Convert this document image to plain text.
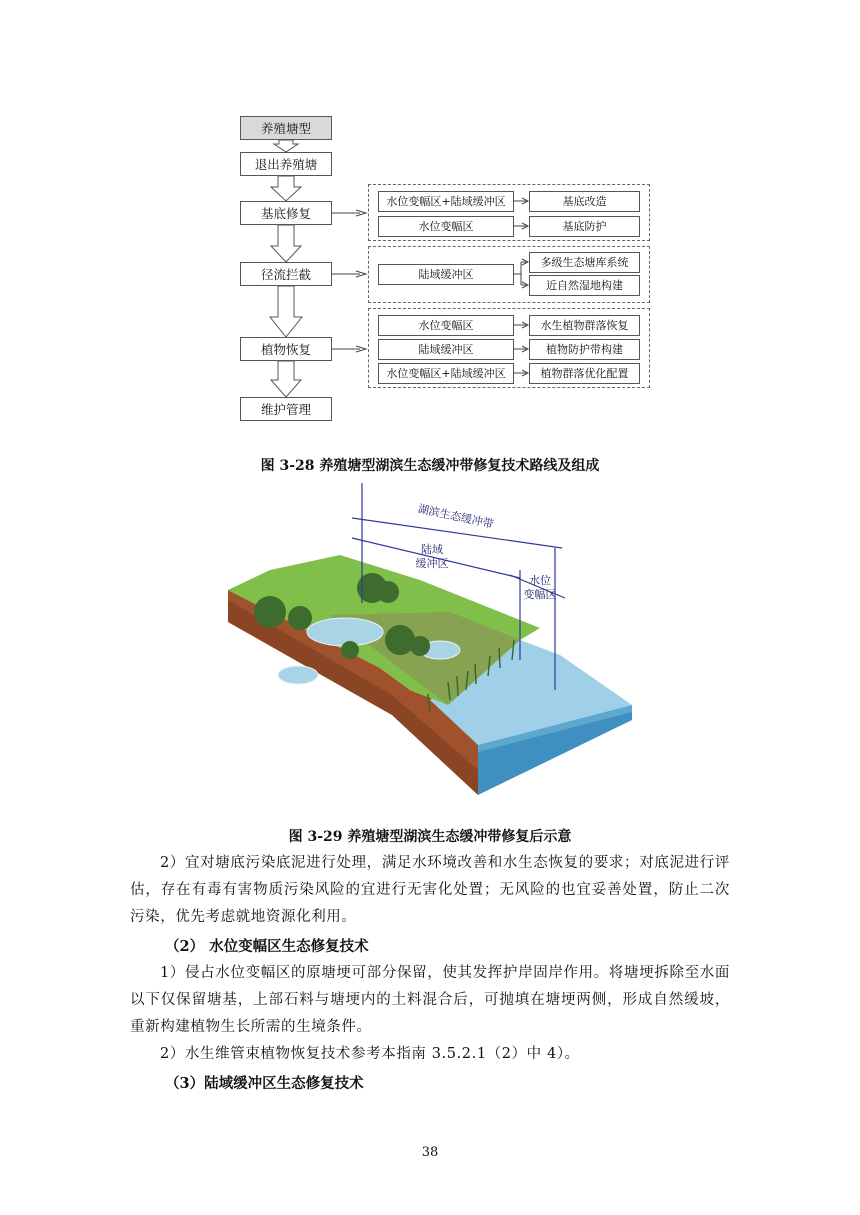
养殖塘型
退出养殖塘
基底修复
径流拦截
植物恢复
维护管理
水位变幅区+陆域缓冲区	基底改造
水位变幅区	基底防护
陆域缓冲区
多级生态塘库系统
近自然湿地构建
水位变幅区	水生植物群落恢复
陆域缓冲区	植物防护带构建
水位变幅区+陆域缓冲区	植物群落优化配置
图 3-28 养殖塘型湖滨生态缓冲带修复技术路线及组成
湖滨生态缓冲带
陆域
缓冲区
水位
变幅区
图 3-29 养殖塘型湖滨生态缓冲带修复后示意
2）宜对塘底污染底泥进行处理，满足水环境改善和水生态恢复的要求；对底泥进行评估，存在有毒有害物质污染风险的宜进行无害化处置；无风险的也宜妥善处置，防止二次污染，优先考虑就地资源化利用。
（2） 水位变幅区生态修复技术
1）侵占水位变幅区的原塘埂可部分保留，使其发挥护岸固岸作用。将塘埂拆除至水面以下仅保留塘基，上部石料与塘埂内的土料混合后，可抛填在塘埂两侧，形成自然缓坡，重新构建植物生长所需的生境条件。
2）水生维管束植物恢复技术参考本指南 3.5.2.1（2）中 4）。
（3）陆域缓冲区生态修复技术
38
